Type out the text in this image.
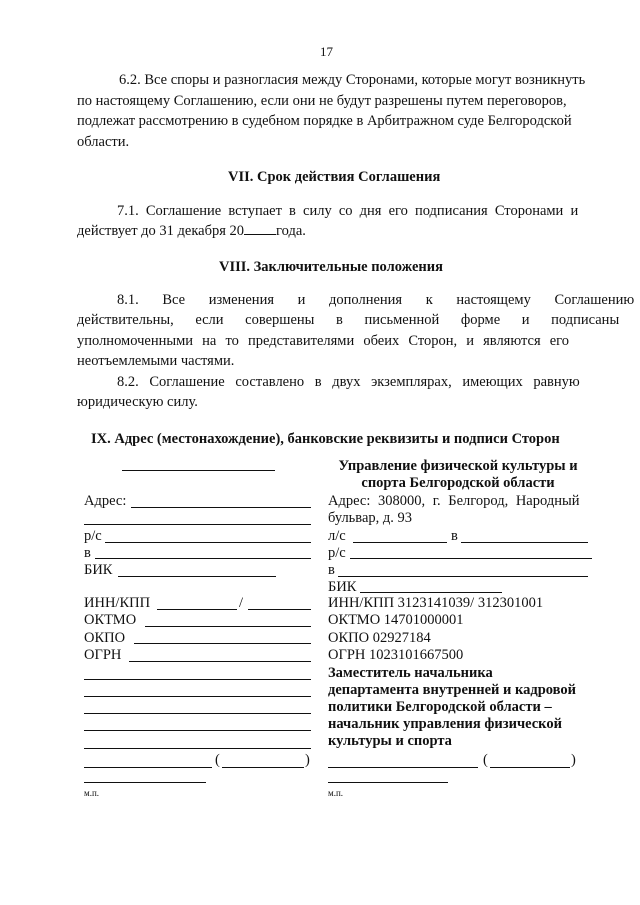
17
6.2. Все споры и разногласия между Сторонами, которые могут возникнуть
по настоящему Соглашению, если они не будут разрешены путем переговоров,
подлежат рассмотрению в судебном порядке в Арбитражном суде Белгородской
области.
VII. Срок действия Соглашения
7.1. Соглашение вступает в силу со дня его подписания Сторонами и
действует до 31 декабря 20 года.
VIII. Заключительные положения
8.1. Все изменения и дополнения к настоящему Соглашению
действительны, если совершены в письменной форме и подписаны
уполномоченными на то представителями обеих Сторон, и являются его
неотъемлемыми частями.
8.2. Соглашение составлено в двух экземплярах, имеющих равную
юридическую силу.
IX. Адрес (местонахождение), банковские реквизиты и подписи Сторон
Адрес:
р/с
в
БИК
ИНН/КПП	/
ОКТМО
ОКПО
ОГРН
(	)
м.п.
Управление физической культуры и
спорта Белгородской области
Адрес: 308000, г. Белгород, Народный
бульвар, д. 93
л/с	в
р/с
в
БИК
ИНН/КПП 3123141039/ 312301001
ОКТМО 14701000001
ОКПО 02927184
ОГРН 1023101667500
Заместитель начальника
департамента внутренней и кадровой
политики Белгородской области –
начальник управления физической
культуры и спорта
(	)
м.п.
